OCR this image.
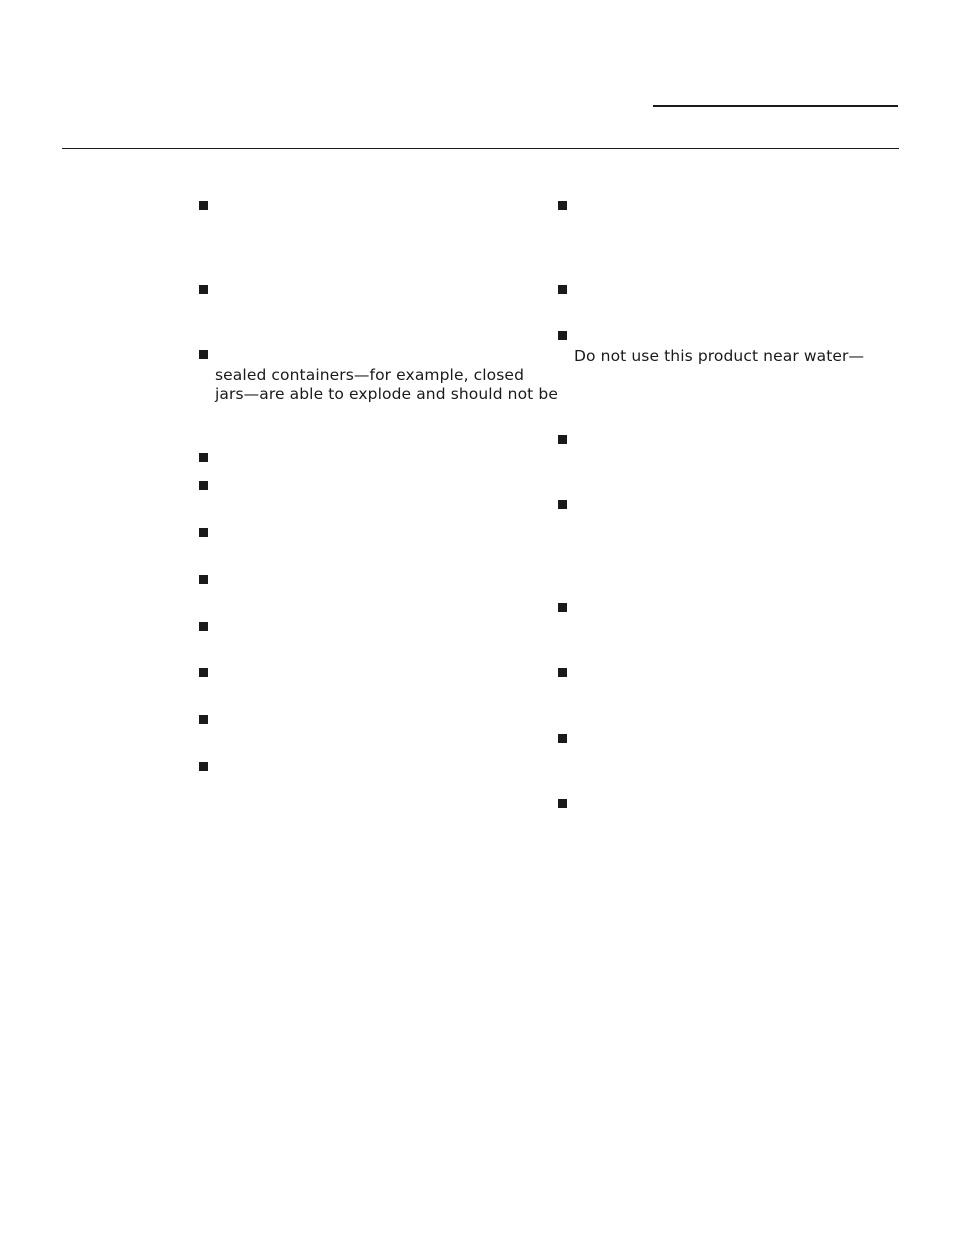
sealed containers—for example, closed
jars—are able to explode and should not be
Do not use this product near water—
